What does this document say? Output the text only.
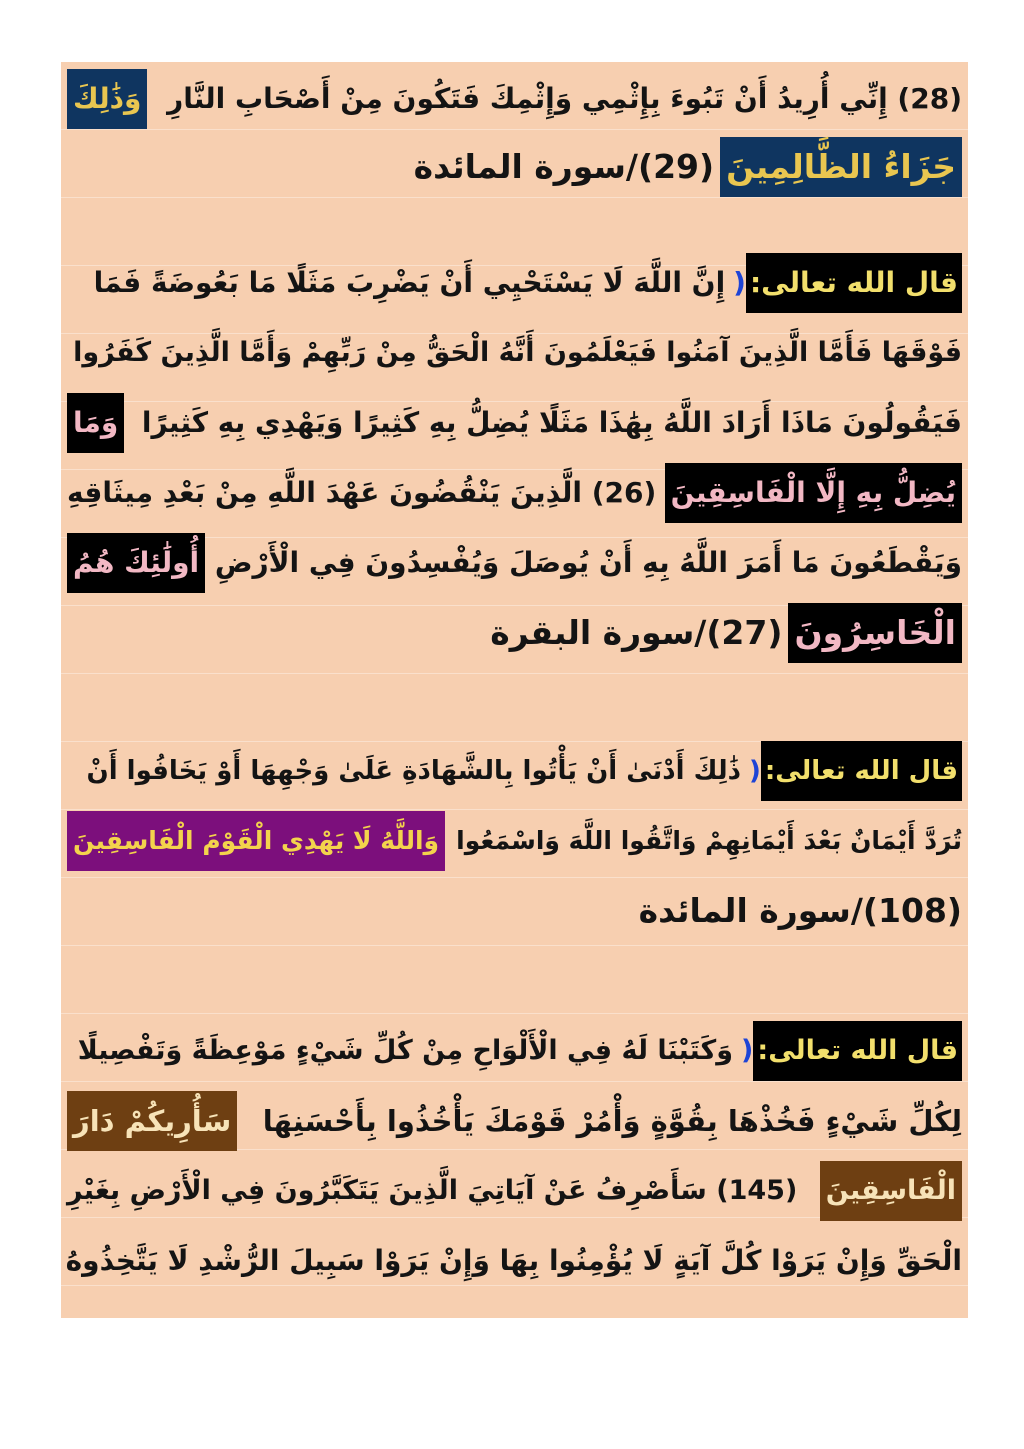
(28) إِنِّي أُرِيدُ أَنْ تَبُوءَ بِإِثْمِي وَإِثْمِكَ فَتَكُونَ مِنْ أَصْحَابِ النَّارِ
وَذَٰلِكَ
جَزَاءُ الظَّالِمِينَ
(29)/سورة المائدة
قال الله تعالى:
(
إِنَّ اللَّهَ لَا يَسْتَحْيِي أَنْ يَضْرِبَ مَثَلًا مَا بَعُوضَةً فَمَا
فَوْقَهَا فَأَمَّا الَّذِينَ آمَنُوا فَيَعْلَمُونَ أَنَّهُ الْحَقُّ مِنْ رَبِّهِمْ وَأَمَّا الَّذِينَ كَفَرُوا
فَيَقُولُونَ مَاذَا أَرَادَ اللَّهُ بِهَٰذَا مَثَلًا يُضِلُّ بِهِ كَثِيرًا وَيَهْدِي بِهِ كَثِيرًا
وَمَا
يُضِلُّ بِهِ إِلَّا الْفَاسِقِينَ
(26) الَّذِينَ يَنْقُضُونَ عَهْدَ اللَّهِ مِنْ بَعْدِ مِيثَاقِهِ
وَيَقْطَعُونَ مَا أَمَرَ اللَّهُ بِهِ أَنْ يُوصَلَ وَيُفْسِدُونَ فِي الْأَرْضِ
أُولَٰئِكَ هُمُ
الْخَاسِرُونَ
(27)/سورة البقرة
قال الله تعالى:
(
ذَٰلِكَ أَدْنَىٰ أَنْ يَأْتُوا بِالشَّهَادَةِ عَلَىٰ وَجْهِهَا أَوْ يَخَافُوا أَنْ
تُرَدَّ أَيْمَانٌ بَعْدَ أَيْمَانِهِمْ وَاتَّقُوا اللَّهَ وَاسْمَعُوا
وَاللَّهُ لَا يَهْدِي الْقَوْمَ الْفَاسِقِينَ
(108)/سورة المائدة
قال الله تعالى:
(
وَكَتَبْنَا لَهُ فِي الْأَلْوَاحِ مِنْ كُلِّ شَيْءٍ مَوْعِظَةً وَتَفْصِيلًا
لِكُلِّ شَيْءٍ فَخُذْهَا بِقُوَّةٍ وَأْمُرْ قَوْمَكَ يَأْخُذُوا بِأَحْسَنِهَا
سَأُرِيكُمْ دَارَ
الْفَاسِقِينَ
(145) سَأَصْرِفُ عَنْ آيَاتِيَ الَّذِينَ يَتَكَبَّرُونَ فِي الْأَرْضِ بِغَيْرِ
الْحَقِّ وَإِنْ يَرَوْا كُلَّ آيَةٍ لَا يُؤْمِنُوا بِهَا وَإِنْ يَرَوْا سَبِيلَ الرُّشْدِ لَا يَتَّخِذُوهُ
